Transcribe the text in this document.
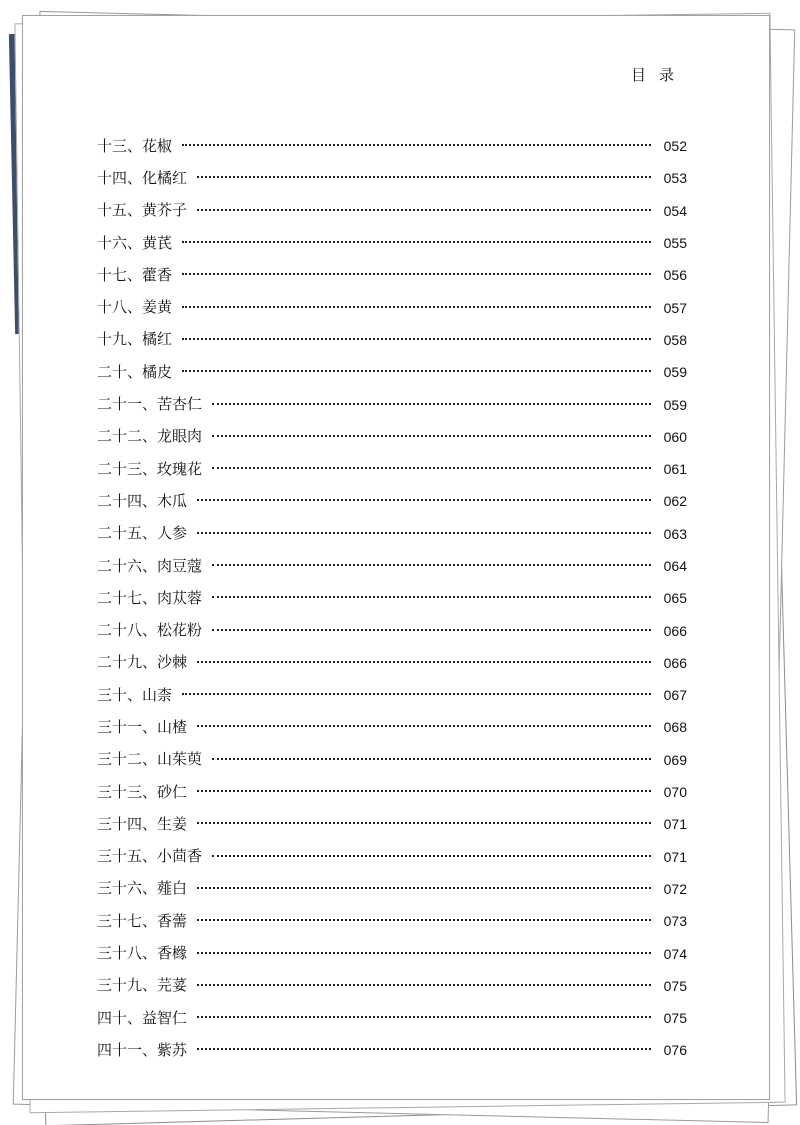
目录
十三、花椒	052
十四、化橘红	053
十五、黄芥子	054
十六、黄芪	055
十七、藿香	056
十八、姜黄	057
十九、橘红	058
二十、橘皮	059
二十一、苦杏仁	059
二十二、龙眼肉	060
二十三、玫瑰花	061
二十四、木瓜	062
二十五、人参	063
二十六、肉豆蔻	064
二十七、肉苁蓉	065
二十八、松花粉	066
二十九、沙棘	066
三十、山柰	067
三十一、山楂	068
三十二、山茱萸	069
三十三、砂仁	070
三十四、生姜	071
三十五、小茴香	071
三十六、薤白	072
三十七、香薷	073
三十八、香橼	074
三十九、芫荽	075
四十、益智仁	075
四十一、紫苏	076
